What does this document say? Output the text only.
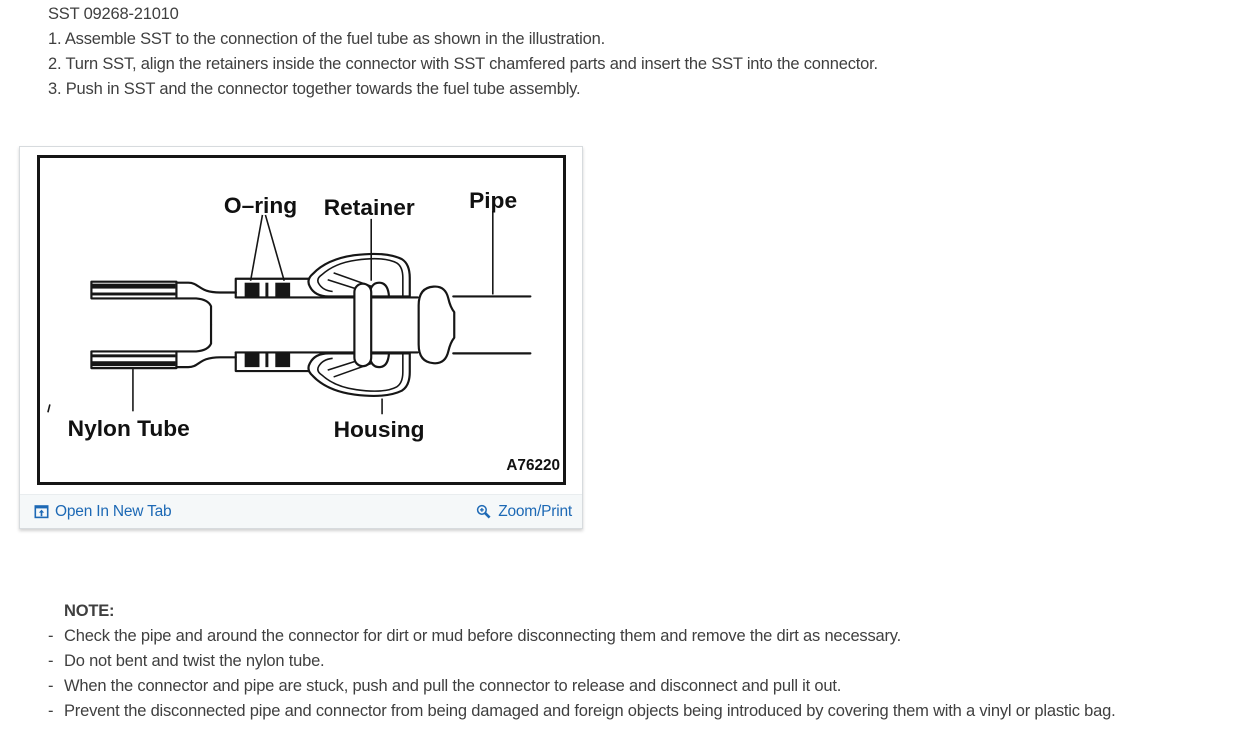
SST 09268-21010
1. Assemble SST to the connection of the fuel tube as shown in the illustration.
2. Turn SST, align the retainers inside the connector with SST chamfered parts and insert the SST into the connector.
3. Push in SST and the connector together towards the fuel tube assembly.
O–ring Retainer Pipe
Nylon Tube	Housing
A76220
Open In New Tab	Zoom/Print
NOTE:
- Check the pipe and around the connector for dirt or mud before disconnecting them and remove the dirt as necessary.
- Do not bent and twist the nylon tube.
- When the connector and pipe are stuck, push and pull the connector to release and disconnect and pull it out.
- Prevent the disconnected pipe and connector from being damaged and foreign objects being introduced by covering them with a vinyl or plastic bag.
